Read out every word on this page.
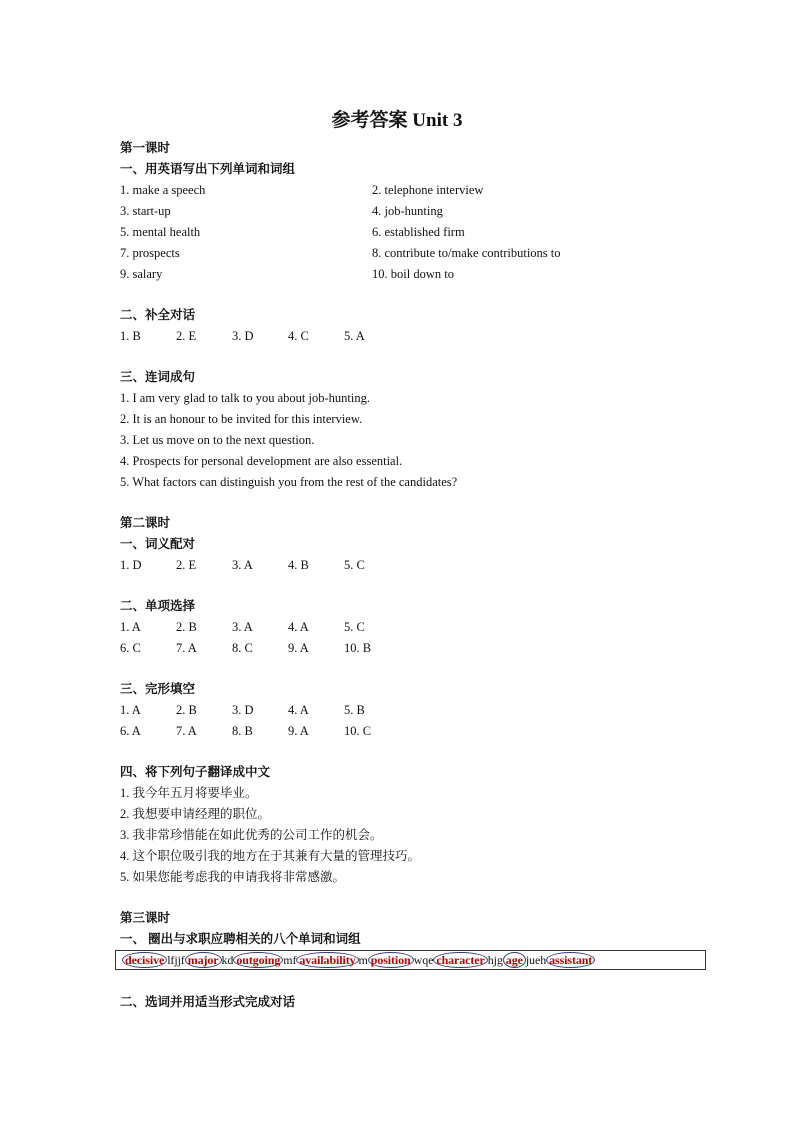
参考答案 Unit 3
第一课时
一、用英语写出下列单词和词组
1. make a speech	2. telephone interview
3. start-up	4. job-hunting
5. mental health	6. established firm
7. prospects	8. contribute to/make contributions to
9. salary	10. boil down to
二、补全对话
1. B	2. E	3. D	4. C	5. A
三、连词成句
1. I am very glad to talk to you about job-hunting.
2. It is an honour to be invited for this interview.
3. Let us move on to the next question.
4. Prospects for personal development are also essential.
5. What factors can distinguish you from the rest of the candidates?
第二课时
一、词义配对
1. D	2. E	3. A	4. B	5. C
二、单项选择
1. A	2. B	3. A	4. A	5. C
6. C	7. A	8. C	9. A	10. B
三、完形填空
1. A	2. B	3. D	4. A	5. B
6. A	7. A	8. B	9. A	10. C
四、将下列句子翻译成中文
1. 我今年五月将要毕业。
2. 我想要申请经理的职位。
3. 我非常珍惜能在如此优秀的公司工作的机会。
4. 这个职位吸引我的地方在于其兼有大量的管理技巧。
5. 如果您能考虑我的申请我将非常感激。
第三课时
一、 圈出与求职应聘相关的八个单词和词组
decisive lfjjf major kd outgoing mf availability m position wqe character hjg age jueh assistant
二、选词并用适当形式完成对话
